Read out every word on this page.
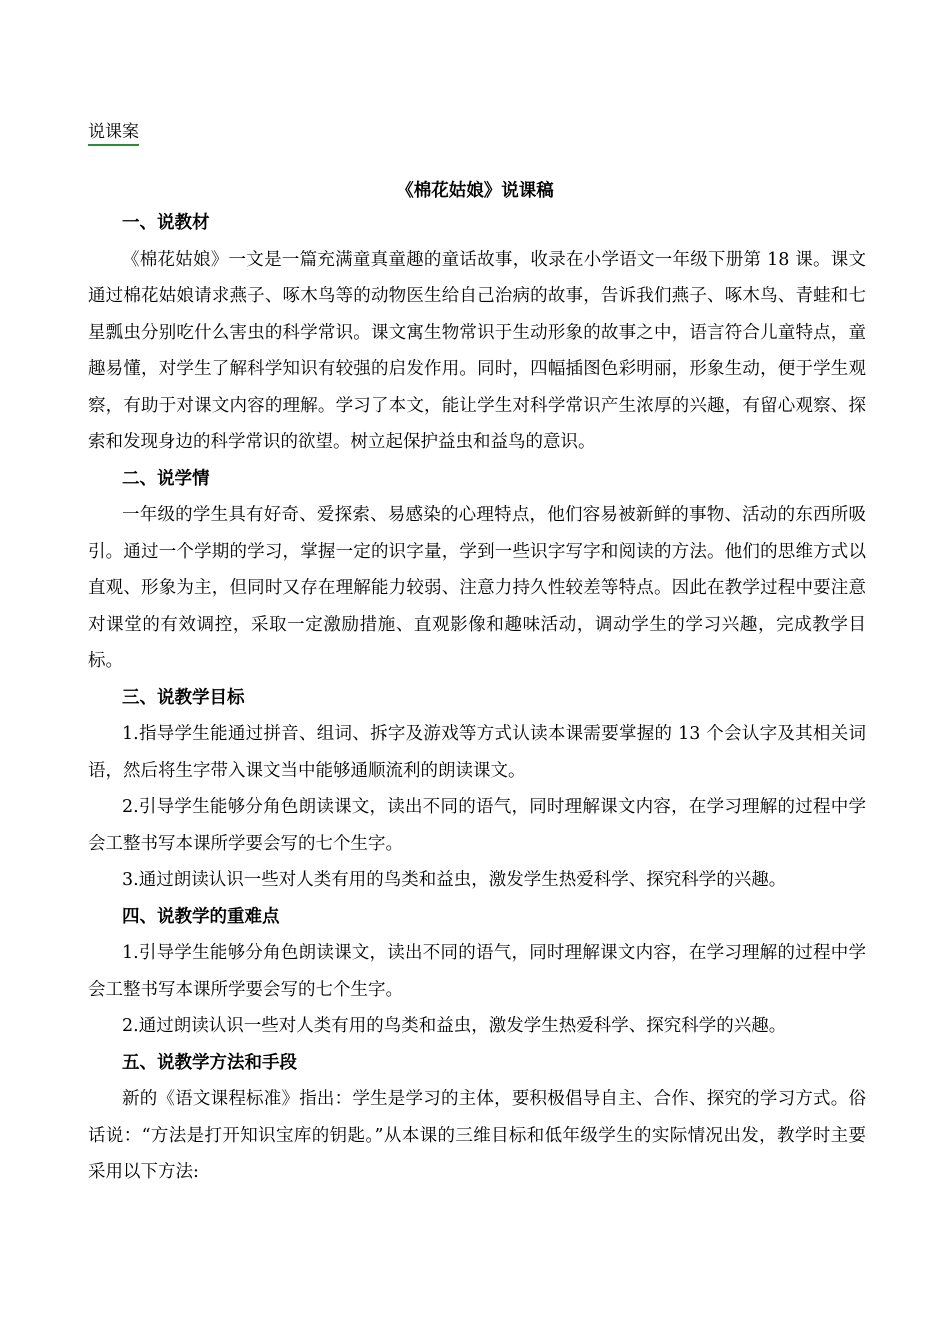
说课案
《棉花姑娘》说课稿

一、说教材

《棉花姑娘》一文是一篇充满童真童趣的童话故事，收录在小学语文一年级下册第 18 课。课文通过棉花姑娘请求燕子、啄木鸟等的动物医生给自己治病的故事，告诉我们燕子、啄木鸟、青蛙和七星瓢虫分别吃什么害虫的科学常识。课文寓生物常识于生动形象的故事之中，语言符合儿童特点，童趣易懂，对学生了解科学知识有较强的启发作用。同时，四幅插图色彩明丽，形象生动，便于学生观察，有助于对课文内容的理解。学习了本文，能让学生对科学常识产生浓厚的兴趣，有留心观察、探索和发现身边的科学常识的欲望。树立起保护益虫和益鸟的意识。

二、说学情

一年级的学生具有好奇、爱探索、易感染的心理特点，他们容易被新鲜的事物、活动的东西所吸引。通过一个学期的学习，掌握一定的识字量，学到一些识字写字和阅读的方法。他们的思维方式以直观、形象为主，但同时又存在理解能力较弱、注意力持久性较差等特点。因此在教学过程中要注意对课堂的有效调控，采取一定激励措施、直观影像和趣味活动，调动学生的学习兴趣，完成教学目标。

三、说教学目标

1.指导学生能通过拼音、组词、拆字及游戏等方式认读本课需要掌握的 13 个会认字及其相关词语，然后将生字带入课文当中能够通顺流利的朗读课文。

2.引导学生能够分角色朗读课文，读出不同的语气，同时理解课文内容，在学习理解的过程中学会工整书写本课所学要会写的七个生字。

3.通过朗读认识一些对人类有用的鸟类和益虫，激发学生热爱科学、探究科学的兴趣。

四、说教学的重难点

1.引导学生能够分角色朗读课文，读出不同的语气，同时理解课文内容，在学习理解的过程中学会工整书写本课所学要会写的七个生字。

2.通过朗读认识一些对人类有用的鸟类和益虫，激发学生热爱科学、探究科学的兴趣。

五、说教学方法和手段

新的《语文课程标准》指出：学生是学习的主体，要积极倡导自主、合作、探究的学习方式。俗话说：“方法是打开知识宝库的钥匙。”从本课的三维目标和低年级学生的实际情况出发，教学时主要采用以下方法:
